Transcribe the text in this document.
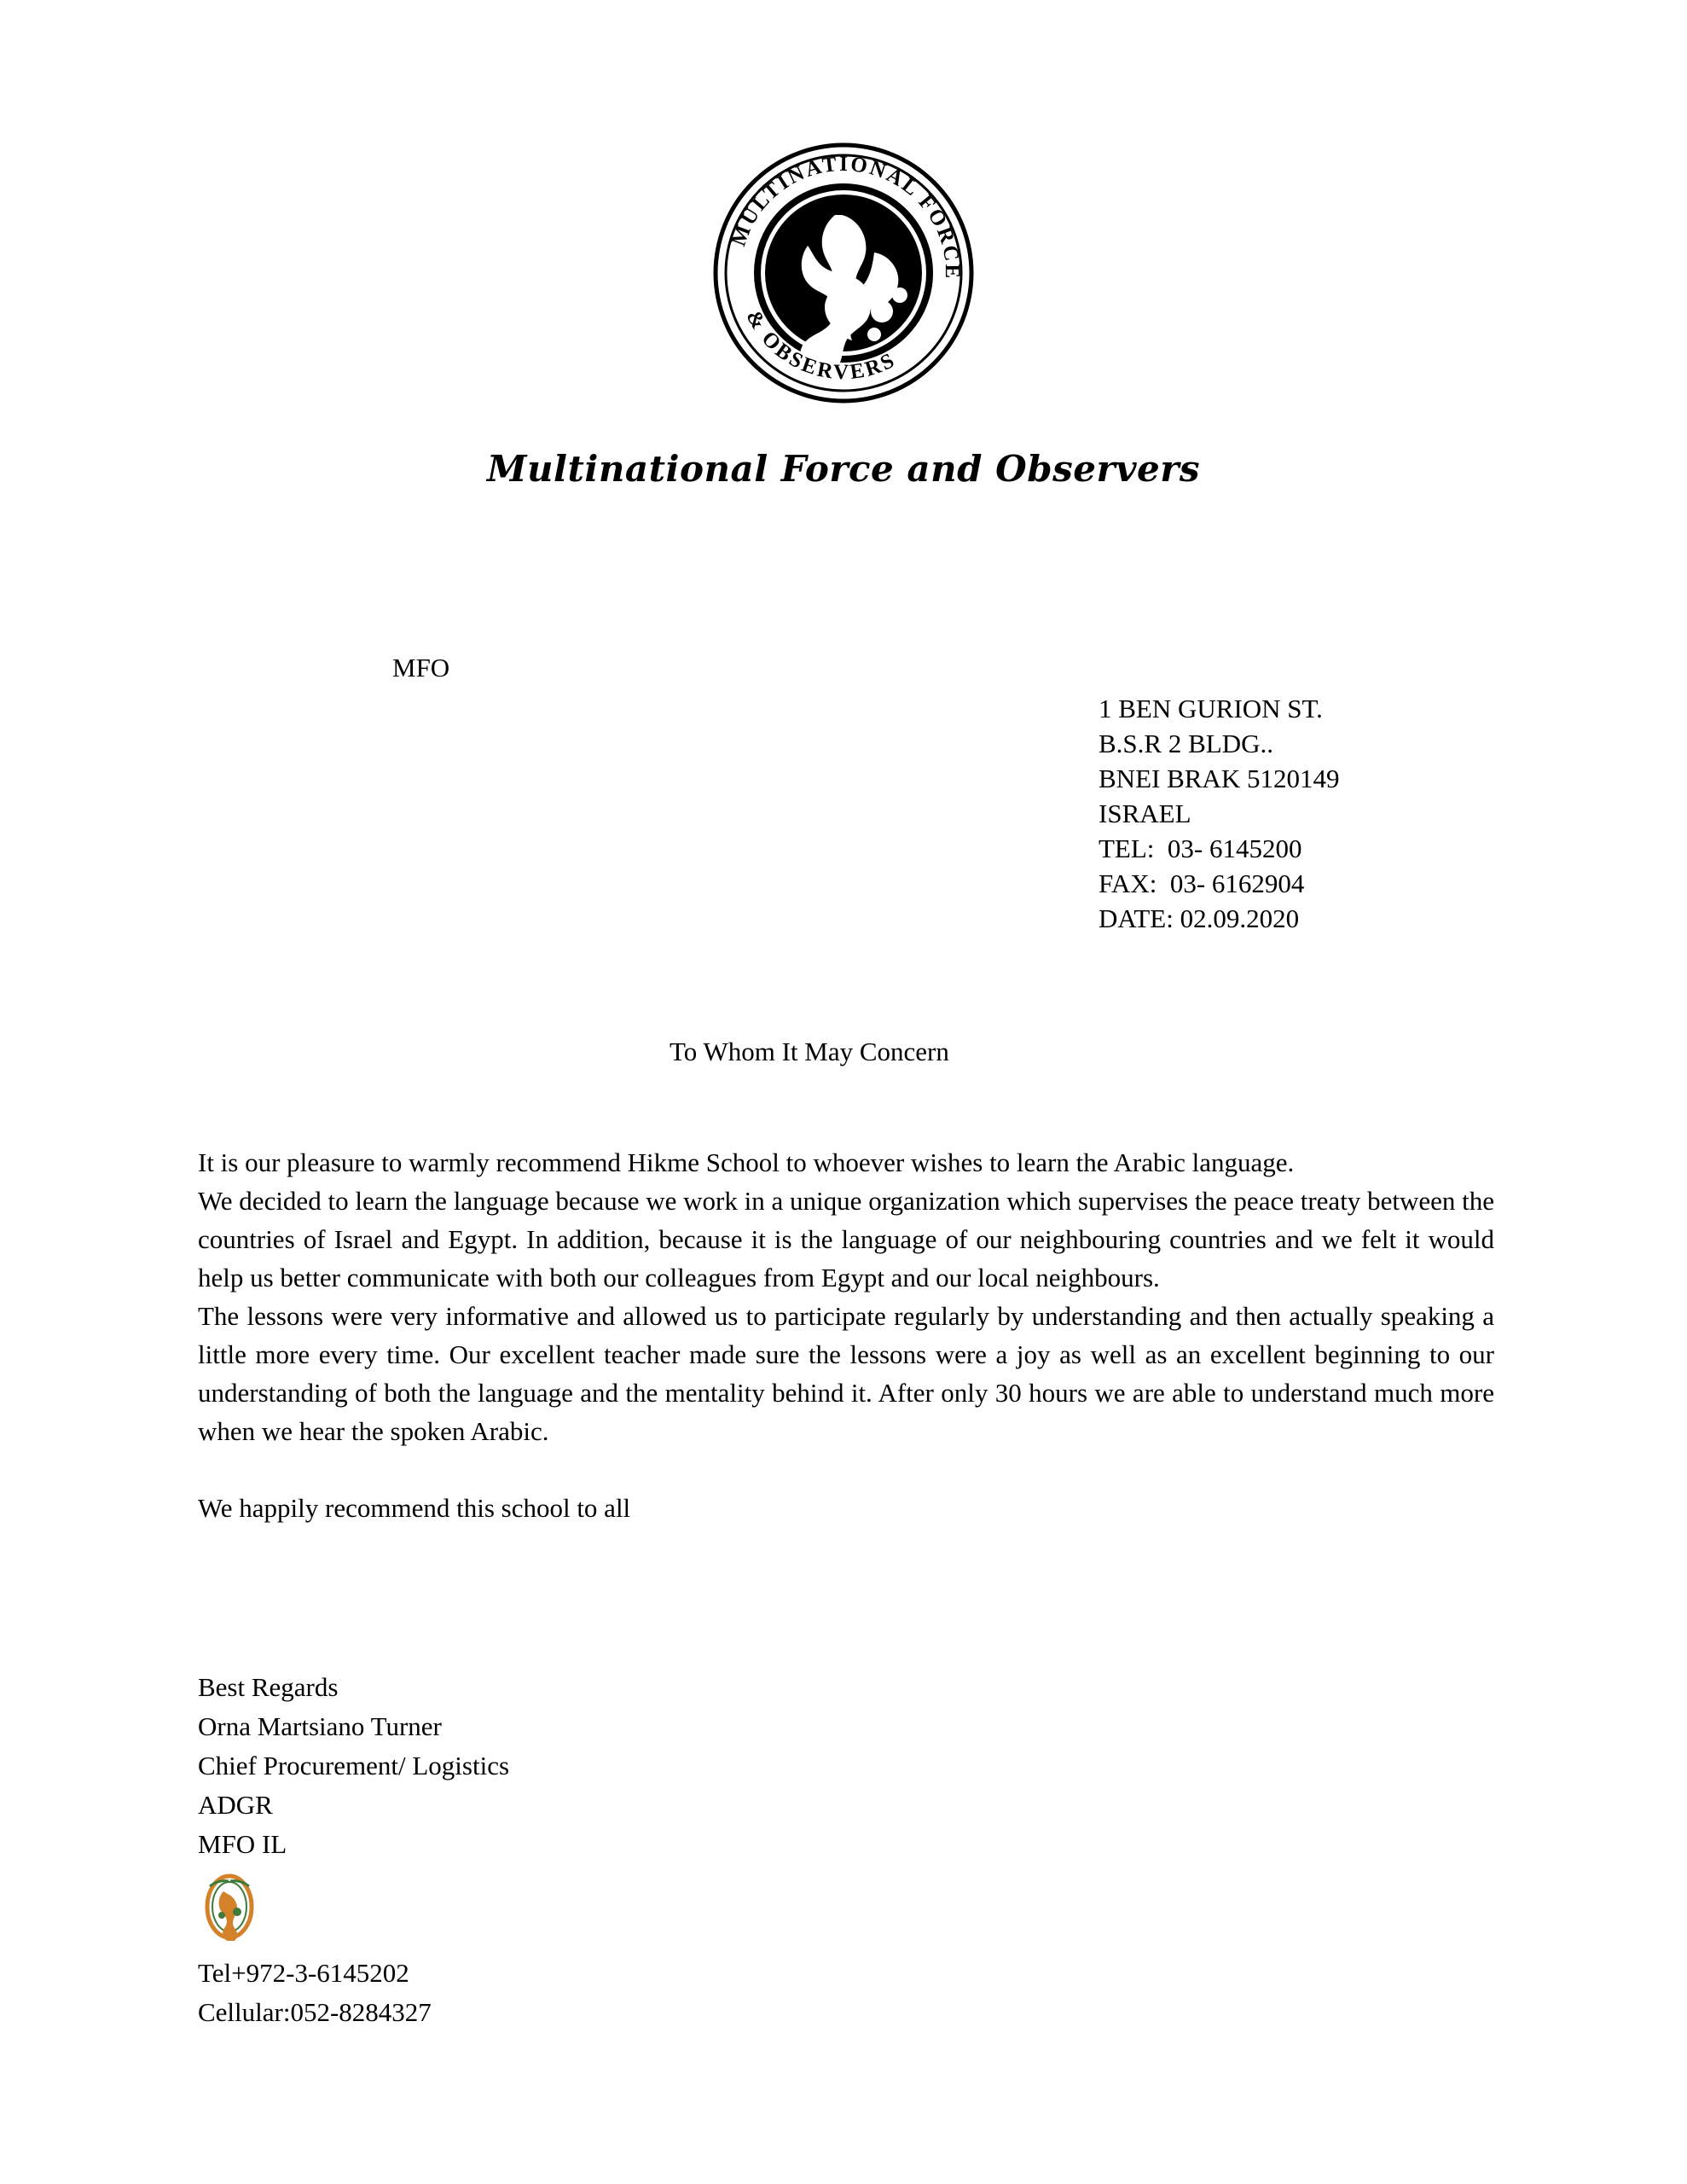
MULTINATIONAL FORCE
& OBSERVERS
Multinational Force and Observers
MFO
1 BEN GURION ST.
B.S.R 2 BLDG..
BNEI BRAK 5120149
ISRAEL
TEL:  03- 6145200
FAX:  03- 6162904
DATE: 02.09.2020
To Whom It May Concern

It is our pleasure to warmly recommend Hikme School to whoever wishes to learn the Arabic language.

We decided to learn the language because we work in a unique organization which supervises the peace treaty between the countries of Israel and Egypt. In addition, because it is the language of our neighbouring countries and we felt it would help us better communicate with both our colleagues from Egypt and our local neighbours.

The lessons were very informative and allowed us to participate regularly by understanding and then actually speaking a little more every time. Our excellent teacher made sure the lessons were a joy as well as an excellent beginning to our understanding of both the language and the mentality behind it. After only 30 hours we are able to understand much more when we hear the spoken Arabic.

We happily recommend this school to all

Best Regards
Orna Martsiano Turner
Chief Procurement/ Logistics
ADGR
MFO IL
Tel+972-3-6145202
Cellular:052-8284327
